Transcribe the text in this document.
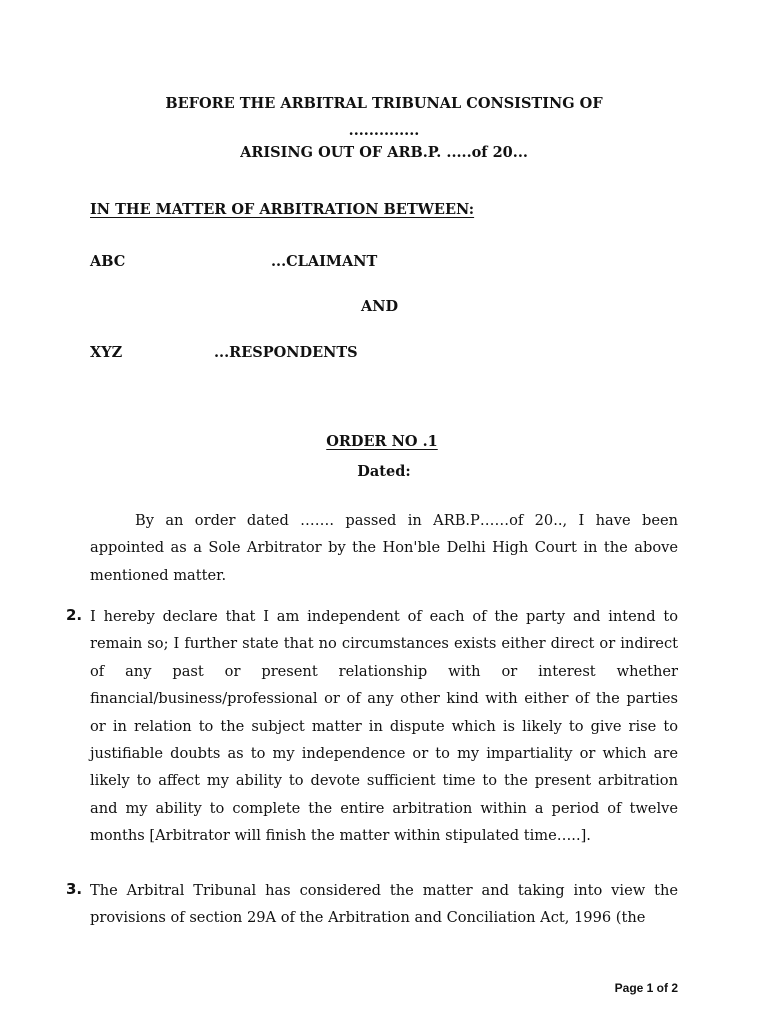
BEFORE THE ARBITRAL TRIBUNAL CONSISTING OF
..............
ARISING OUT OF ARB.P. .....of 20...
IN THE MATTER OF ARBITRATION BETWEEN:
ABC	...CLAIMANT
AND
XYZ	...RESPONDENTS
ORDER NO .1
Dated:

By an order dated ……. passed in ARB.P……of 20.., I have been appointed as a Sole Arbitrator by the Hon'ble Delhi High Court in the above mentioned matter.

2. I hereby declare that I am independent of each of the party and intend to remain so; I further state that no circumstances exists either direct or indirect of any past or present relationship with or interest whether financial/business/professional or of any other kind with either of the parties or in relation to the subject matter in dispute which is likely to give rise to justifiable doubts as to my independence or to my impartiality or which are likely to affect my ability to devote sufficient time to the present arbitration and my ability to complete the entire arbitration within a period of twelve months [Arbitrator will finish the matter within stipulated time…..].

3. The Arbitral Tribunal has considered the matter and taking into view the provisions of section 29A of the Arbitration and Conciliation Act, 1996 (the

Page 1 of 2
